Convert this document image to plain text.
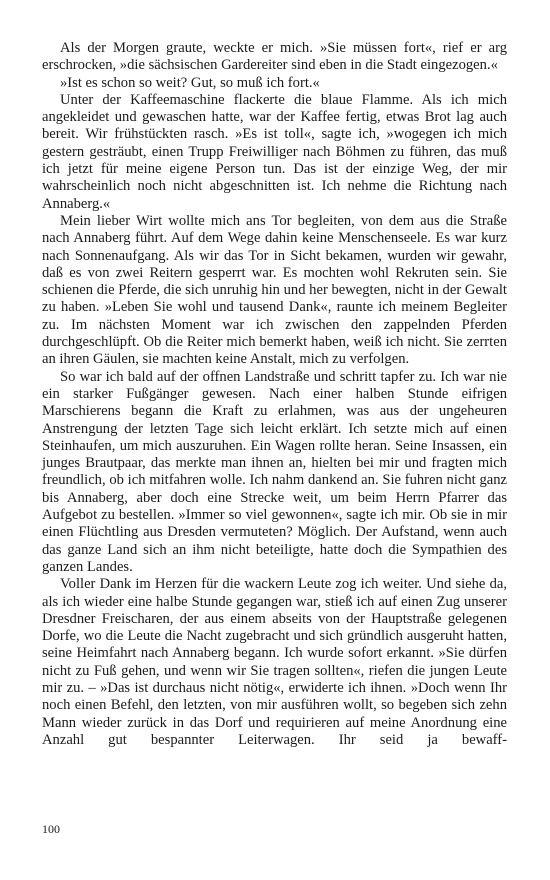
Als der Morgen graute, weckte er mich. »Sie müssen fort«, rief er arg erschrocken, »die sächsischen Gardereiter sind eben in die Stadt eingezogen.«

»Ist es schon so weit? Gut, so muß ich fort.«

Unter der Kaffeemaschine flackerte die blaue Flamme. Als ich mich angekleidet und gewaschen hatte, war der Kaffee fertig, etwas Brot lag auch bereit. Wir frühstückten rasch. »Es ist toll«, sagte ich, »wogegen ich mich gestern gesträubt, einen Trupp Freiwilliger nach Böhmen zu führen, das muß ich jetzt für meine eigene Person tun. Das ist der einzige Weg, der mir wahrscheinlich noch nicht abgeschnitten ist. Ich nehme die Richtung nach Annaberg.«

Mein lieber Wirt wollte mich ans Tor begleiten, von dem aus die Straße nach Annaberg führt. Auf dem Wege dahin keine Menschenseele. Es war kurz nach Sonnenaufgang. Als wir das Tor in Sicht bekamen, wurden wir gewahr, daß es von zwei Reitern gesperrt war. Es mochten wohl Rekruten sein. Sie schienen die Pferde, die sich unruhig hin und her bewegten, nicht in der Gewalt zu haben. »Leben Sie wohl und tausend Dank«, raunte ich meinem Begleiter zu. Im nächsten Moment war ich zwischen den zappelnden Pferden durchgeschlüpft. Ob die Reiter mich bemerkt haben, weiß ich nicht. Sie zerrten an ihren Gäulen, sie machten keine Anstalt, mich zu verfolgen.

So war ich bald auf der offnen Landstraße und schritt tapfer zu. Ich war nie ein starker Fußgänger gewesen. Nach einer halben Stunde eifrigen Marschierens begann die Kraft zu erlahmen, was aus der ungeheuren Anstrengung der letzten Tage sich leicht erklärt. Ich setzte mich auf einen Steinhaufen, um mich auszuruhen. Ein Wagen rollte heran. Seine Insassen, ein junges Brautpaar, das merkte man ihnen an, hielten bei mir und fragten mich freundlich, ob ich mitfahren wolle. Ich nahm dankend an. Sie fuhren nicht ganz bis Annaberg, aber doch eine Strecke weit, um beim Herrn Pfarrer das Aufgebot zu bestellen. »Immer so viel gewonnen«, sagte ich mir. Ob sie in mir einen Flüchtling aus Dresden vermuteten? Möglich. Der Aufstand, wenn auch das ganze Land sich an ihm nicht beteiligte, hatte doch die Sympathien des ganzen Landes.

Voller Dank im Herzen für die wackern Leute zog ich weiter. Und siehe da, als ich wieder eine halbe Stunde gegangen war, stieß ich auf einen Zug unserer Dresdner Freischaren, der aus einem abseits von der Hauptstraße gelegenen Dorfe, wo die Leute die Nacht zugebracht und sich gründlich ausgeruht hatten, seine Heimfahrt nach Annaberg begann. Ich wurde sofort erkannt. »Sie dürfen nicht zu Fuß gehen, und wenn wir Sie tragen sollten«, riefen die jungen Leute mir zu. – »Das ist durchaus nicht nötig«, erwiderte ich ihnen. »Doch wenn Ihr noch einen Befehl, den letzten, von mir ausführen wollt, so begeben sich zehn Mann wieder zurück in das Dorf und requirieren auf meine Anordnung eine Anzahl gut bespannter Leiterwagen. Ihr seid ja bewaff-

100
